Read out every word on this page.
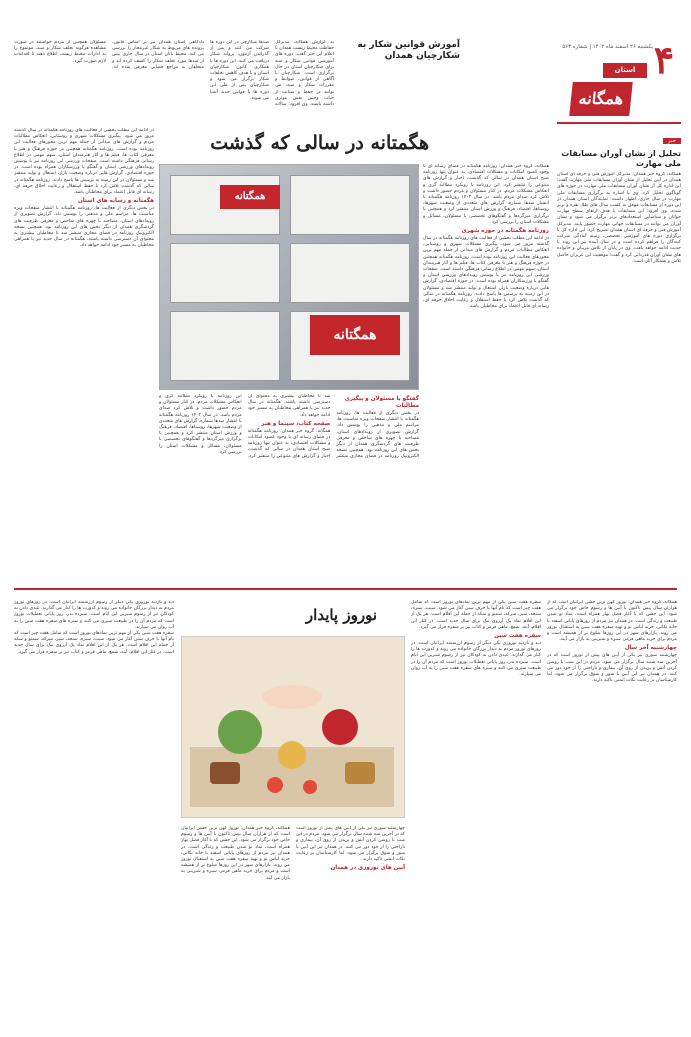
۴
استان
همگانه
یکشنبه ۲۶ اسفند ماه ۱۴۰۲ | شماره ۵۶۳
آموزش قوانین شکار به شکارچیان همدان
به گزارش همگانه، مدیرکل حفاظت محیط زیست همدان با اعلام این خبر گفت: دوره های آموزشی قوانین شکار و صید برای شکارچیان استان در حال برگزاری است. شکارچیان با آگاهی از قوانین، ضوابط و مقررات شکار و صید، می توانند در حفظ و صیانت از حیات وحش نقش موثری داشته باشند. وی افزود: سالانه صدها شکارچی در این دوره ها شرکت می کنند و پس از گذراندن آزمون، پروانه شکار دریافت می کنند. این دوره ها با همکاری کانون شکارچیان استان و با هدف کاهش تخلفات شکار برگزار می شود و شکارچیان پس از طی این دوره ها با قوانین جدید آشنا می شوند.
دادگاهی استان همدان نیز بر اساس قانون، پرونده های مربوط به شکار غیرمجاز را بررسی می کند. محیط بانان استان در سال جاری بیش از صدها مورد تخلف شکار را کشف کرده اند و متخلفان به مراجع قضایی معرفی شده اند. مسئولان همچنین از مردم خواستند در صورت مشاهده هرگونه تخلف شکار و صید، موضوع را به ادارات محیط زیست اطلاع دهند تا اقدامات لازم صورت گیرد.
خبر
تجلیل از نشان آوران مسابقات ملی مهارت
همگانه، گروه خبر همدان: مدیرکل آموزش فنی و حرفه ای استان همدان در آیین تجلیل از نشان آوران مسابقات ملی مهارت گفت: این اداره کل از نشان آوران مسابقات ملی مهارت در حوزه های گوناگون تجلیل کرد. وی با اشاره به برگزاری مسابقات ملی مهارت در سال جاری، اظهار داشت: نمایندگان استان همدان در این دوره از مسابقات موفق به کسب مدال های طلا، نقره و برنز شدند. وی افزود: این مسابقات با هدف ارتقای سطح مهارت جوانان و شناسایی استعدادهای برتر برگزار می شود و نشان آوران می توانند در مسابقات جهانی مهارت حضور یابند. مدیرکل آموزش فنی و حرفه ای استان همدان تصریح کرد: این اداره کل با برگزاری دوره های آموزشی تخصصی، زمینه آمادگی شرکت کنندگان را فراهم کرده است و در سال آینده نیز این روند با جدیت ادامه خواهد یافت. وی در پایان از تلاش مربیان و خانواده های نشان آوران قدردانی کرد و گفت: موفقیت این عزیزان حاصل تلاش و پشتکار آنان است.
هگمتانه در سالی که گذشت
همگتانه
همگتانه
همگانه، گروه خبر همدان: روزنامه هگمتانه در فضای رسانه ای با وجود کمبود امکانات و مشکلات اقتصادی، به عنوان تنها روزنامه صبح استان همدان در سالی که گذشت، اخبار و گزارش های متنوعی را منتشر کرد. این روزنامه با رویکرد مطالبه گری و انعکاس مشکلات مردم، در کنار مسئولان و مردم حضور داشت و تلاش کرد صدای مردم باشد. در سال ۱۴۰۲ روزنامه هگمتانه با انتشار صدها شماره، گزارش های متعددی از وضعیت شهرها، روستاها، اقتصاد، فرهنگ و ورزش استان منتشر کرد و همچنین با برگزاری میزگردها و گفتگوهای تخصصی با مسئولان، مسائل و مشکلات استان را بررسی کرد.
روزنامه هگمتانه در حوزه شهری
در ادامه این مطلب بخشی از فعالیت های روزنامه هگمتانه در سال گذشته مرور می شود. پیگیری مشکلات شهری و روستایی، انعکاس مطالبات مردم و گزارش های میدانی از جمله مهم ترین محورهای فعالیت این روزنامه بوده است. روزنامه هگمتانه همچنین در حوزه فرهنگ و هنر با معرفی کتاب ها، فیلم ها و آثار هنرمندان استان، سهم مهمی در اطلاع رسانی فرهنگی داشته است. صفحات ورزشی این روزنامه نیز با پوشش رویدادهای ورزشی استان و گفتگو با ورزشکاران همراه بوده است. در حوزه اقتصادی، گزارش هایی درباره وضعیت بازار، اشتغال و تولید منتشر شد و مسئولان در این زمینه به پرسش ها پاسخ دادند. روزنامه هگمتانه در سالی که گذشت تلاش کرد با حفظ استقلال و رعایت اخلاق حرفه ای، رسانه ای قابل اعتماد برای مخاطبان باشد.
گفتگو با مسئولان و پیگیری مطالبات
در بخش دیگری از فعالیت ها، روزنامه هگمتانه با انتشار صفحات ویژه مناسبت ها، مراسم ملی و مذهبی را پوشش داد. گزارش تصویری از رویدادهای استان، مصاحبه با چهره های شاخص و معرفی ظرفیت های گردشگری همدان از دیگر بخش های این روزنامه بود. همچنین نسخه الکترونیک روزنامه در فضای مجازی منتشر شد تا مخاطبان بیشتری به محتوای آن دسترسی داشته باشند. هگمتانه در سال جدید نیز با همراهی مخاطبان به مسیر خود ادامه خواهد داد.
صفحه کتاب، سینما و هنر
همگانه، گروه خبر همدان: روزنامه هگمتانه در فضای رسانه ای با وجود کمبود امکانات و مشکلات اقتصادی، به عنوان تنها روزنامه صبح استان همدان در سالی که گذشت، اخبار و گزارش های متنوعی را منتشر کرد. این روزنامه با رویکرد مطالبه گری و انعکاس مشکلات مردم، در کنار مسئولان و مردم حضور داشت و تلاش کرد صدای مردم باشد. در سال ۱۴۰۲ روزنامه هگمتانه با انتشار صدها شماره، گزارش های متعددی از وضعیت شهرها، روستاها، اقتصاد، فرهنگ و ورزش استان منتشر کرد و همچنین با برگزاری میزگردها و گفتگوهای تخصصی با مسئولان، مسائل و مشکلات استان را بررسی کرد.
در ادامه این مطلب بخشی از فعالیت های روزنامه هگمتانه در سال گذشته مرور می شود. پیگیری مشکلات شهری و روستایی، انعکاس مطالبات مردم و گزارش های میدانی از جمله مهم ترین محورهای فعالیت این روزنامه بوده است. روزنامه هگمتانه همچنین در حوزه فرهنگ و هنر با معرفی کتاب ها، فیلم ها و آثار هنرمندان استان، سهم مهمی در اطلاع رسانی فرهنگی داشته است. صفحات ورزشی این روزنامه نیز با پوشش رویدادهای ورزشی استان و گفتگو با ورزشکاران همراه بوده است. در حوزه اقتصادی، گزارش هایی درباره وضعیت بازار، اشتغال و تولید منتشر شد و مسئولان در این زمینه به پرسش ها پاسخ دادند. روزنامه هگمتانه در سالی که گذشت تلاش کرد با حفظ استقلال و رعایت اخلاق حرفه ای، رسانه ای قابل اعتماد برای مخاطبان باشد.
هگمتانه و رسانه های استان
در بخش دیگری از فعالیت ها، روزنامه هگمتانه با انتشار صفحات ویژه مناسبت ها، مراسم ملی و مذهبی را پوشش داد. گزارش تصویری از رویدادهای استان، مصاحبه با چهره های شاخص و معرفی ظرفیت های گردشگری همدان از دیگر بخش های این روزنامه بود. همچنین نسخه الکترونیک روزنامه در فضای مجازی منتشر شد تا مخاطبان بیشتری به محتوای آن دسترسی داشته باشند. هگمتانه در سال جدید نیز با همراهی مخاطبان به مسیر خود ادامه خواهد داد.
نوروز پایدار
همگانه، گروه خبر همدان: نوروز کهن ترین جشن ایرانیان است که از هزاران سال پیش تاکنون با آیین ها و رسوم خاص خود برگزار می شود. این جشن که با آغاز فصل بهار همراه است، نماد نو شدن طبیعت و زندگی است. در همدان نیز مردم از روزهای پایانی اسفند با خانه تکانی، خرید لباس نو و تهیه سفره هفت سین به استقبال نوروز می روند. بازارهای شهر در این روزها شلوغ تر از همیشه است و مردم برای خرید ماهی قرمز، سبزه و شیرینی به بازار می آیند.
چهارشنبه آخر سال
چهارشنبه سوری نیز یکی از آیین های پیش از نوروز است که در آخرین سه شنبه سال برگزار می شود. مردم در این شب با روشن کردن آتش و پریدن از روی آن، بیماری و ناراحتی را از خود دور می کنند. در همدان نیز این آیین با شور و شوق برگزار می شود، اما کارشناسان بر رعایت نکات ایمنی تاکید دارند.
سفره هفت سین یکی از مهم ترین نمادهای نوروز است که شامل هفت چیز است که نام آنها با حرف سین آغاز می شود. سیب، سبزه، سنجد، سیر، سرکه، سمنو و سکه از جمله این اقلام است. هر یک از این اقلام نماد یک آرزوی نیک برای سال جدید است. در کنار این اقلام، آینه، شمع، ماهی قرمز و کتاب نیز بر سفره قرار می گیرد.
سفره هفت سین
دید و بازدید نوروزی یکی دیگر از رسوم ارزشمند ایرانیان است. در روزهای نوروز مردم به دیدار بزرگان خانواده می روند و کدورت ها را کنار می گذارند. عیدی دادن به کودکان نیز از رسوم شیرین این ایام است. سیزده بدر، روز پایانی تعطیلات نوروز است که مردم آن را در طبیعت سپری می کنند و سبزه های سفره هفت سین را به آب روان می سپارند.
چهارشنبه سوری نیز یکی از آیین های پیش از نوروز است که در آخرین سه شنبه سال برگزار می شود. مردم در این شب با روشن کردن آتش و پریدن از روی آن، بیماری و ناراحتی را از خود دور می کنند. در همدان نیز این آیین با شور و شوق برگزار می شود، اما کارشناسان بر رعایت نکات ایمنی تاکید دارند.
آیین های نوروزی در همدان
همگانه، گروه خبر همدان: نوروز کهن ترین جشن ایرانیان است که از هزاران سال پیش تاکنون با آیین ها و رسوم خاص خود برگزار می شود. این جشن که با آغاز فصل بهار همراه است، نماد نو شدن طبیعت و زندگی است. در همدان نیز مردم از روزهای پایانی اسفند با خانه تکانی، خرید لباس نو و تهیه سفره هفت سین به استقبال نوروز می روند. بازارهای شهر در این روزها شلوغ تر از همیشه است و مردم برای خرید ماهی قرمز، سبزه و شیرینی به بازار می آیند.
دید و بازدید نوروزی یکی دیگر از رسوم ارزشمند ایرانیان است. در روزهای نوروز مردم به دیدار بزرگان خانواده می روند و کدورت ها را کنار می گذارند. عیدی دادن به کودکان نیز از رسوم شیرین این ایام است. سیزده بدر، روز پایانی تعطیلات نوروز است که مردم آن را در طبیعت سپری می کنند و سبزه های سفره هفت سین را به آب روان می سپارند.
سفره هفت سین یکی از مهم ترین نمادهای نوروز است که شامل هفت چیز است که نام آنها با حرف سین آغاز می شود. سیب، سبزه، سنجد، سیر، سرکه، سمنو و سکه از جمله این اقلام است. هر یک از این اقلام نماد یک آرزوی نیک برای سال جدید است. در کنار این اقلام، آینه، شمع، ماهی قرمز و کتاب نیز بر سفره قرار می گیرد.
